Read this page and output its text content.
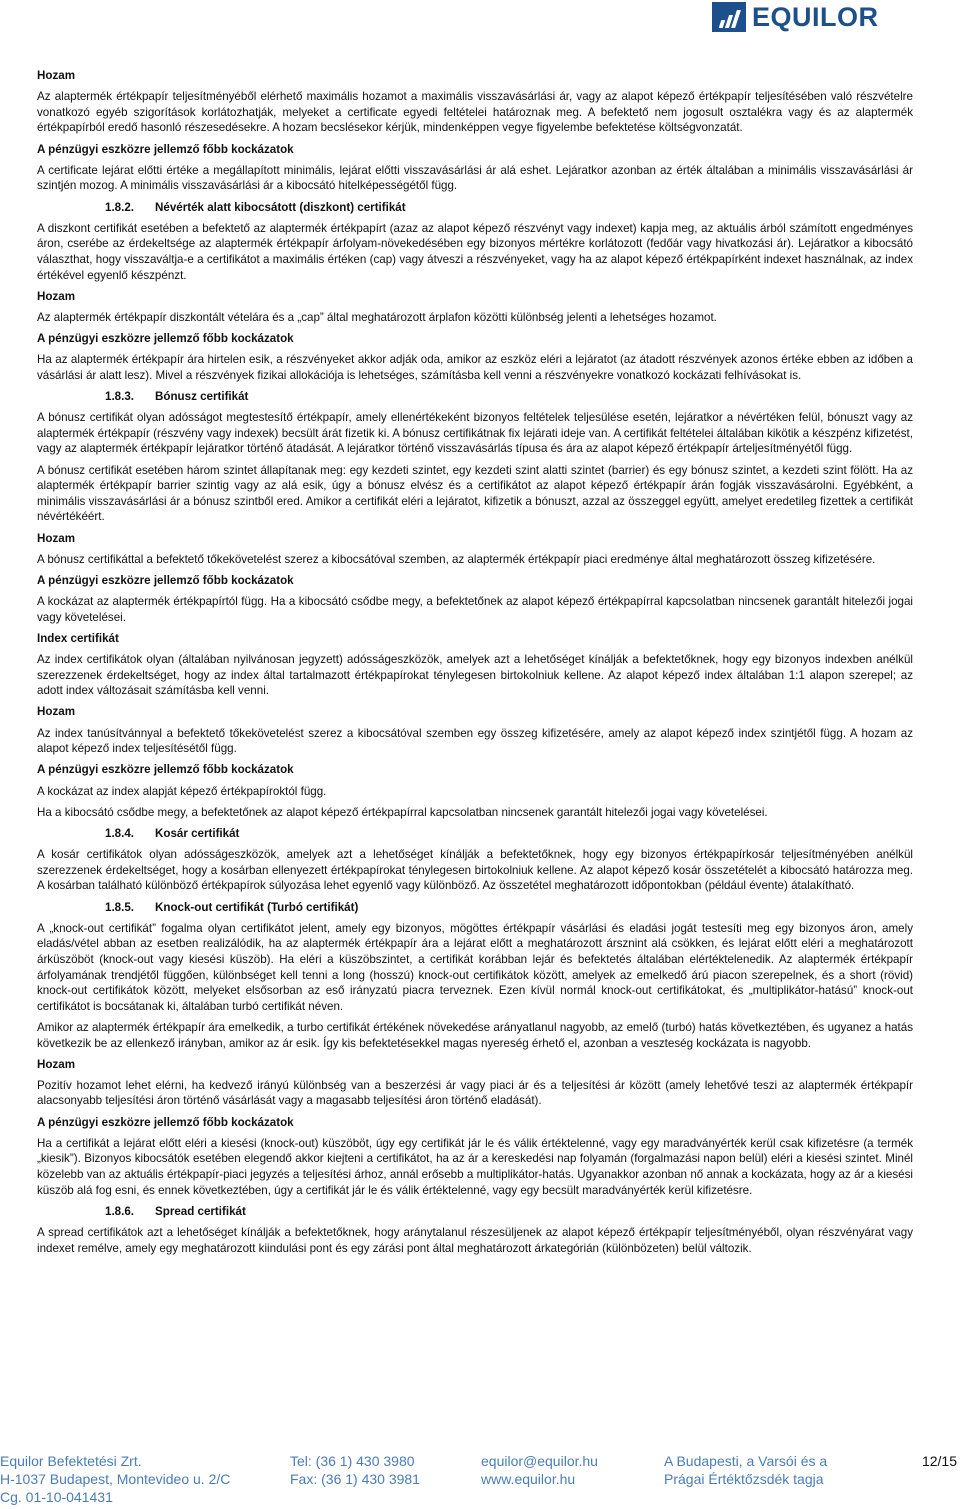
EQUILOR
Hozam

Az alaptermék értékpapír teljesítményéből elérhető maximális hozamot a maximális visszavásárlási ár, vagy az alapot képező értékpapír teljesítésében való részvételre vonatkozó egyéb szigorítások korlátozhatják, melyeket a certificate egyedi feltételei határoznak meg. A befektető nem jogosult osztalékra vagy és az alaptermék értékpapírból eredő hasonló részesedésekre. A hozam becslésekor kérjük, mindenképpen vegye figyelembe befektetése költségvonzatát.

A pénzügyi eszközre jellemző főbb kockázatok

A certificate lejárat előtti értéke a megállapított minimális, lejárat előtti visszavásárlási ár alá eshet. Lejáratkor azonban az érték általában a minimális visszavásárlási ár szintjén mozog. A minimális visszavásárlási ár a kibocsátó hitelképességétől függ.

1.8.2. Névérték alatt kibocsátott (diszkont) certifikát

A diszkont certifikát esetében a befektető az alaptermék értékpapírt (azaz az alapot képező részvényt vagy indexet) kapja meg, az aktuális árból számított engedményes áron, cserébe az érdekeltsége az alaptermék értékpapír árfolyam-növekedésében egy bizonyos mértékre korlátozott (fedőár vagy hivatkozási ár). Lejáratkor a kibocsátó választhat, hogy visszaváltja-e a certifikátot a maximális értéken (cap) vagy átveszi a részvényeket, vagy ha az alapot képező értékpapírként indexet használnak, az index értékével egyenlő készpénzt.

Hozam

Az alaptermék értékpapír diszkontált vételára és a „cap” által meghatározott árplafon közötti különbség jelenti a lehetséges hozamot.

A pénzügyi eszközre jellemző főbb kockázatok

Ha az alaptermék értékpapír ára hirtelen esik, a részvényeket akkor adják oda, amikor az eszköz eléri a lejáratot (az átadott részvények azonos értéke ebben az időben a vásárlási ár alatt lesz). Mivel a részvények fizikai allokációja is lehetséges, számításba kell venni a részvényekre vonatkozó kockázati felhívásokat is.

1.8.3. Bónusz certifikát

A bónusz certifikát olyan adósságot megtestesítő értékpapír, amely ellenértékeként bizonyos feltételek teljesülése esetén, lejáratkor a névértéken felül, bónuszt vagy az alaptermék értékpapír (részvény vagy indexek) becsült árát fizetik ki. A bónusz certifikátnak fix lejárati ideje van. A certifikát feltételei általában kikötik a készpénz kifizetést, vagy az alaptermék értékpapír lejáratkor történő átadását. A lejáratkor történő visszavásárlás típusa és ára az alapot képező értékpapír árteljesítményétől függ.

A bónusz certifikát esetében három szintet állapítanak meg: egy kezdeti szintet, egy kezdeti szint alatti szintet (barrier) és egy bónusz szintet, a kezdeti szint fölött. Ha az alaptermék értékpapír barrier szintig vagy az alá esik, úgy a bónusz elvész és a certifikátot az alapot képező értékpapír árán fogják visszavásárolni. Egyébként, a minimális visszavásárlási ár a bónusz szintből ered. Amikor a certifikát eléri a lejáratot, kifizetik a bónuszt, azzal az összeggel együtt, amelyet eredetileg fizettek a certifikát névértékéért.

Hozam

A bónusz certifikáttal a befektető tőkekövetelést szerez a kibocsátóval szemben, az alaptermék értékpapír piaci eredménye által meghatározott összeg kifizetésére.

A pénzügyi eszközre jellemző főbb kockázatok

A kockázat az alaptermék értékpapírtól függ. Ha a kibocsátó csődbe megy, a befektetőnek az alapot képező értékpapírral kapcsolatban nincsenek garantált hitelezői jogai vagy követelései.

Index certifikát

Az index certifikátok olyan (általában nyilvánosan jegyzett) adósságeszközök, amelyek azt a lehetőséget kínálják a befektetőknek, hogy egy bizonyos indexben anélkül szerezzenek érdekeltséget, hogy az index által tartalmazott értékpapírokat ténylegesen birtokolniuk kellene. Az alapot képező index általában 1:1 alapon szerepel; az adott index változásait számításba kell venni.

Hozam

Az index tanúsítvánnyal a befektető tőkekövetelést szerez a kibocsátóval szemben egy összeg kifizetésére, amely az alapot képező index szintjétől függ. A hozam az alapot képező index teljesítésétől függ.

A pénzügyi eszközre jellemző főbb kockázatok

A kockázat az index alapját képező értékpapíroktól függ.

Ha a kibocsátó csődbe megy, a befektetőnek az alapot képező értékpapírral kapcsolatban nincsenek garantált hitelezői jogai vagy követelései.

1.8.4. Kosár certifikát

A kosár certifikátok olyan adósságeszközök, amelyek azt a lehetőséget kínálják a befektetőknek, hogy egy bizonyos értékpapírkosár teljesítményében anélkül szerezzenek érdekeltséget, hogy a kosárban ellenyezett értékpapírokat ténylegesen birtokolniuk kellene. Az alapot képező kosár összetételét a kibocsátó határozza meg. A kosárban található különböző értékpapírok súlyozása lehet egyenlő vagy különböző. Az összetétel meghatározott időpontokban (például évente) átalakítható.

1.8.5. Knock-out certifikát (Turbó certifikát)

A „knock-out certifikát” fogalma olyan certifikátot jelent, amely egy bizonyos, mögöttes értékpapír vásárlási és eladási jogát testesíti meg egy bizonyos áron, amely eladás/vétel abban az esetben realizálódik, ha az alaptermék értékpapír ára a lejárat előtt a meghatározott ársznint alá csökken, és lejárat előtt eléri a meghatározott árküszöböt (knock-out vagy kiesési küszöb). Ha eléri a küszöbszintet, a certifikát korábban lejár és befektetés általában elértéktelenedik. Az alaptermék értékpapír árfolyamának trendjétől függően, különbséget kell tenni a long (hosszú) knock-out certifikátok között, amelyek az emelkedő árú piacon szerepelnek, és a short (rövid) knock-out certifikátok között, melyeket elsősorban az eső irányzatú piacra terveznek. Ezen kívül normál knock-out certifikátokat, és „multiplikátor-hatású” knock-out certifikátot is bocsátanak ki, általában turbó certifikát néven.

Amikor az alaptermék értékpapír ára emelkedik, a turbo certifikát értékének növekedése arányatlanul nagyobb, az emelő (turbó) hatás következtében, és ugyanez a hatás következik be az ellenkező irányban, amikor az ár esik. Így kis befektetésekkel magas nyereség érhető el, azonban a veszteség kockázata is nagyobb.

Hozam

Pozitív hozamot lehet elérni, ha kedvező irányú különbség van a beszerzési ár vagy piaci ár és a teljesítési ár között (amely lehetővé teszi az alaptermék értékpapír alacsonyabb teljesítési áron történő vásárlását vagy a magasabb teljesítési áron történő eladását).

A pénzügyi eszközre jellemző főbb kockázatok

Ha a certifikát a lejárat előtt eléri a kiesési (knock-out) küszöböt, úgy egy certifikát jár le és válik értéktelenné, vagy egy maradványérték kerül csak kifizetésre (a termék „kiesik”). Bizonyos kibocsátók esetében elegendő akkor kiejteni a certifikátot, ha az ár a kereskedési nap folyamán (forgalmazási napon belül) eléri a kiesési szintet. Minél közelebb van az aktuális értékpapír-piaci jegyzés a teljesítési árhoz, annál erősebb a multiplikátor-hatás. Ugyanakkor azonban nő annak a kockázata, hogy az ár a kiesési küszöb alá fog esni, és ennek következtében, úgy a certifikát jár le és válik értéktelenné, vagy egy becsült maradványérték kerül kifizetésre.

1.8.6. Spread certifikát

A spread certifikátok azt a lehetőséget kínálják a befektetőknek, hogy aránytalanul részesüljenek az alapot képező értékpapír teljesítményéből, olyan részvényárat vagy indexet remélve, amely egy meghatározott kiindulási pont és egy zárási pont által meghatározott árkategórián (különbözeten) belül változik.

Equilor Befektetési Zrt.
H-1037 Budapest, Montevideo u. 2/C
Cg. 01-10-041431
Tel: (36 1) 430 3980
Fax: (36 1) 430 3981
equilor@equilor.hu
www.equilor.hu
A Budapesti, a Varsói és a
Prágai Értéktőzsdék tagja
12/15
